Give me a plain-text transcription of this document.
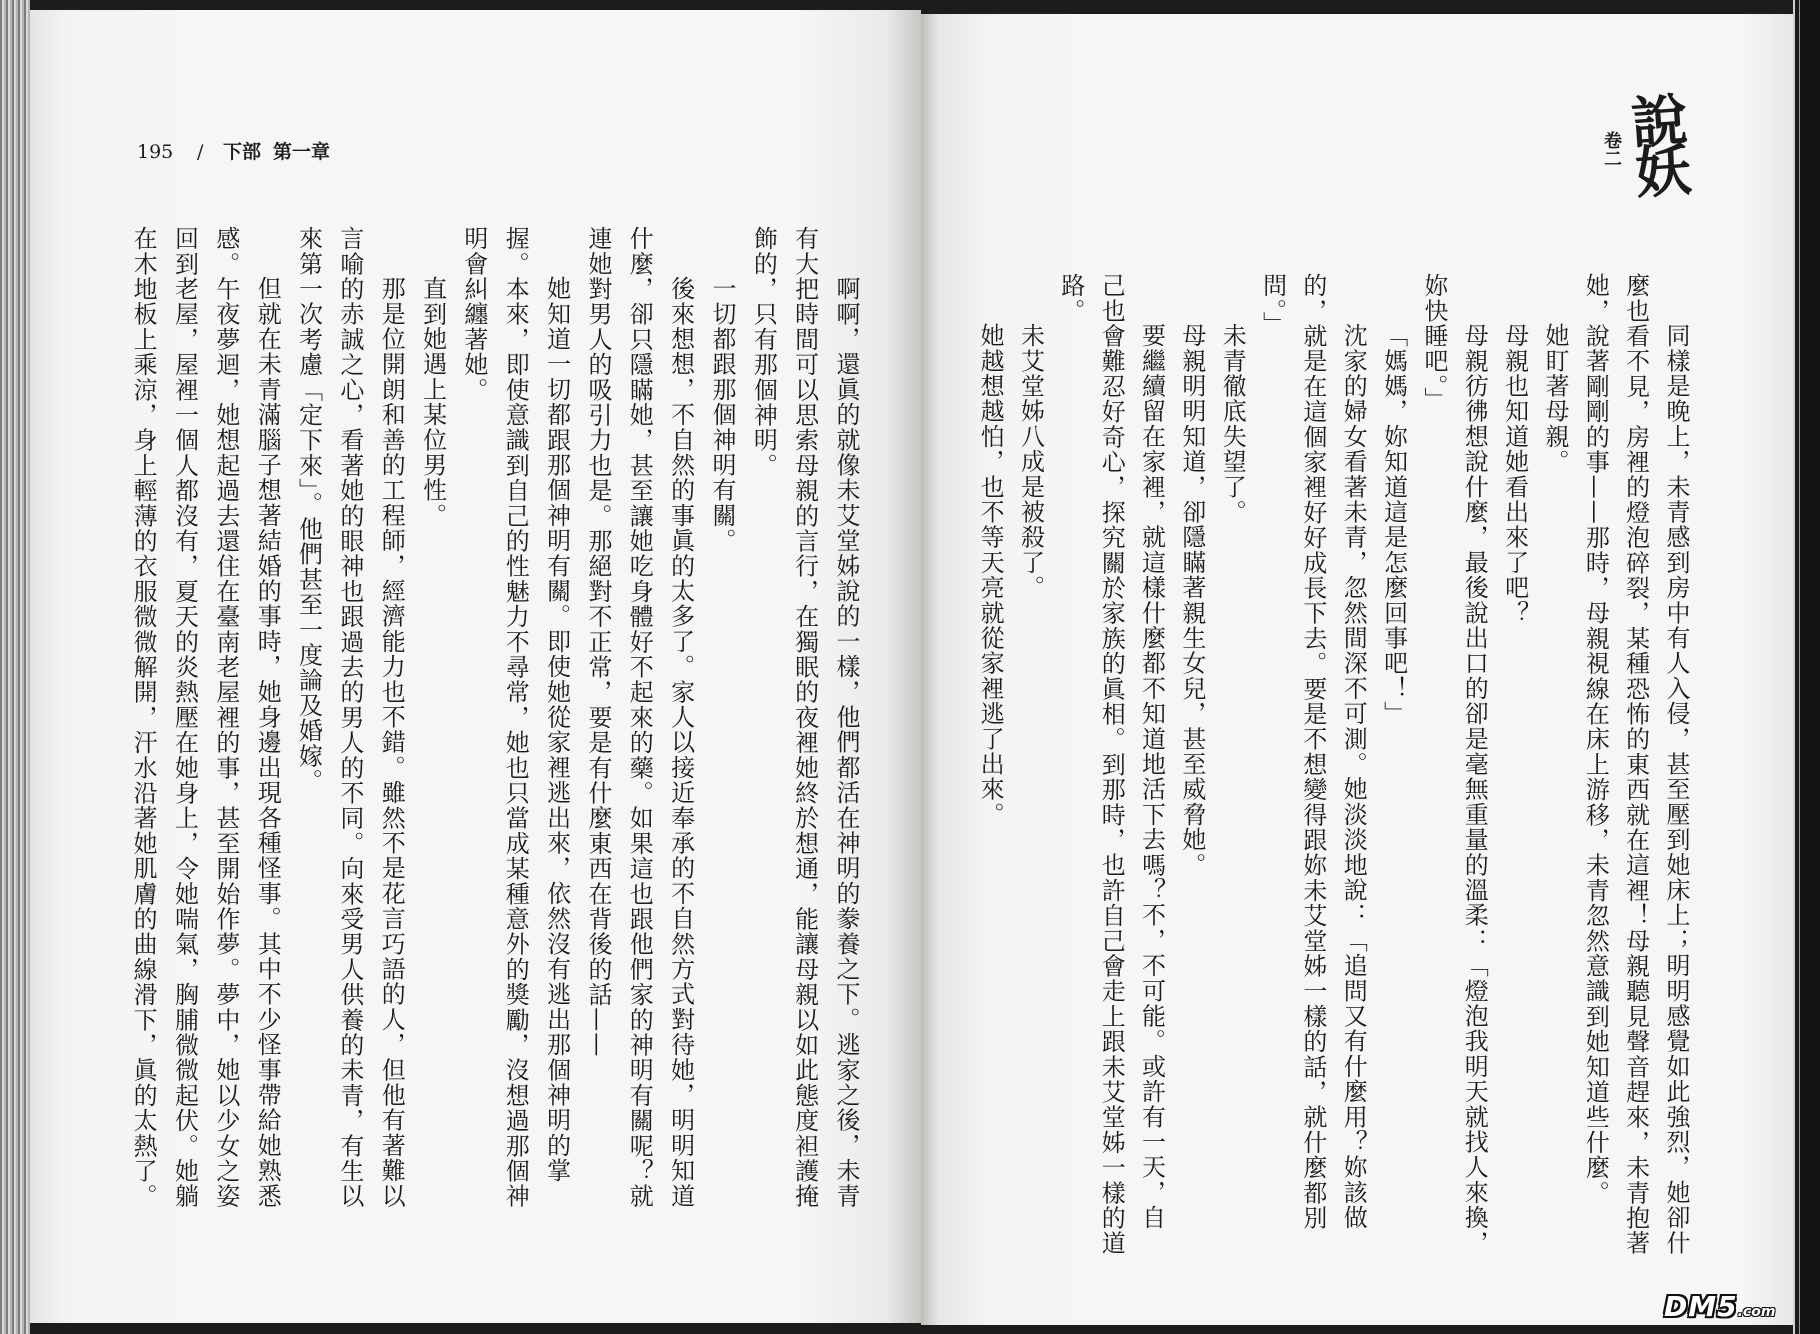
195 / 下部 第一章
啊啊，還眞的就像未艾堂姊說的一樣，他們都活在神明的豢養之下。逃家之後，未青
有大把時間可以思索母親的言行，在獨眠的夜裡她終於想通，能讓母親以如此態度袒護掩
飾的，只有那個神明。
一切都跟那個神明有關。
後來想想，不自然的事眞的太多了。家人以接近奉承的不自然方式對待她，明明知道
什麼，卻只隱瞞她，甚至讓她吃身體好不起來的藥。如果這也跟他們家的神明有關呢？就
連她對男人的吸引力也是。那絕對不正常，要是有什麼東西在背後的話——
她知道一切都跟那個神明有關。即使她從家裡逃出來，依然沒有逃出那個神明的掌
握。本來，即使意識到自己的性魅力不尋常，她也只當成某種意外的獎勵，沒想過那個神
明會糾纏著她。
直到她遇上某位男性。
那是位開朗和善的工程師，經濟能力也不錯。雖然不是花言巧語的人，但他有著難以
言喻的赤誠之心，看著她的眼神也跟過去的男人的不同。向來受男人供養的未青，有生以
來第一次考慮「定下來」。他們甚至一度論及婚嫁。
但就在未青滿腦子想著結婚的事時，她身邊出現各種怪事。其中不少怪事帶給她熟悉
感。午夜夢迴，她想起過去還住在臺南老屋裡的事，甚至開始作夢。夢中，她以少女之姿
回到老屋，屋裡一個人都沒有，夏天的炎熱壓在她身上，令她喘氣，胸脯微微起伏。她躺
在木地板上乘涼，身上輕薄的衣服微微解開，汗水沿著她肌膚的曲線滑下，眞的太熱了。
卷二
說妖
同樣是晚上，未青感到房中有人入侵，甚至壓到她床上；明明感覺如此強烈，她卻什
麼也看不見，房裡的燈泡碎裂，某種恐怖的東西就在這裡！母親聽見聲音趕來，未青抱著
她，說著剛剛的事——那時，母親視線在床上游移，未青忽然意識到她知道些什麼。
她盯著母親。
母親也知道她看出來了吧？
母親彷彿想說什麼，最後說出口的卻是毫無重量的溫柔：「燈泡我明天就找人來換，
妳快睡吧。」
「媽媽，妳知道這是怎麼回事吧！」
沈家的婦女看著未青，忽然間深不可測。她淡淡地說：「追問又有什麼用？妳該做
的，就是在這個家裡好好成長下去。要是不想變得跟妳未艾堂姊一樣的話，就什麼都別
問。」
未青徹底失望了。
母親明明知道，卻隱瞞著親生女兒，甚至威脅她。
要繼續留在家裡，就這樣什麼都不知道地活下去嗎？不，不可能。或許有一天，自
己也會難忍好奇心，探究關於家族的眞相。到那時，也許自己會走上跟未艾堂姊一樣的道
路。
未艾堂姊八成是被殺了。
她越想越怕，也不等天亮就從家裡逃了出來。
DM5.com
